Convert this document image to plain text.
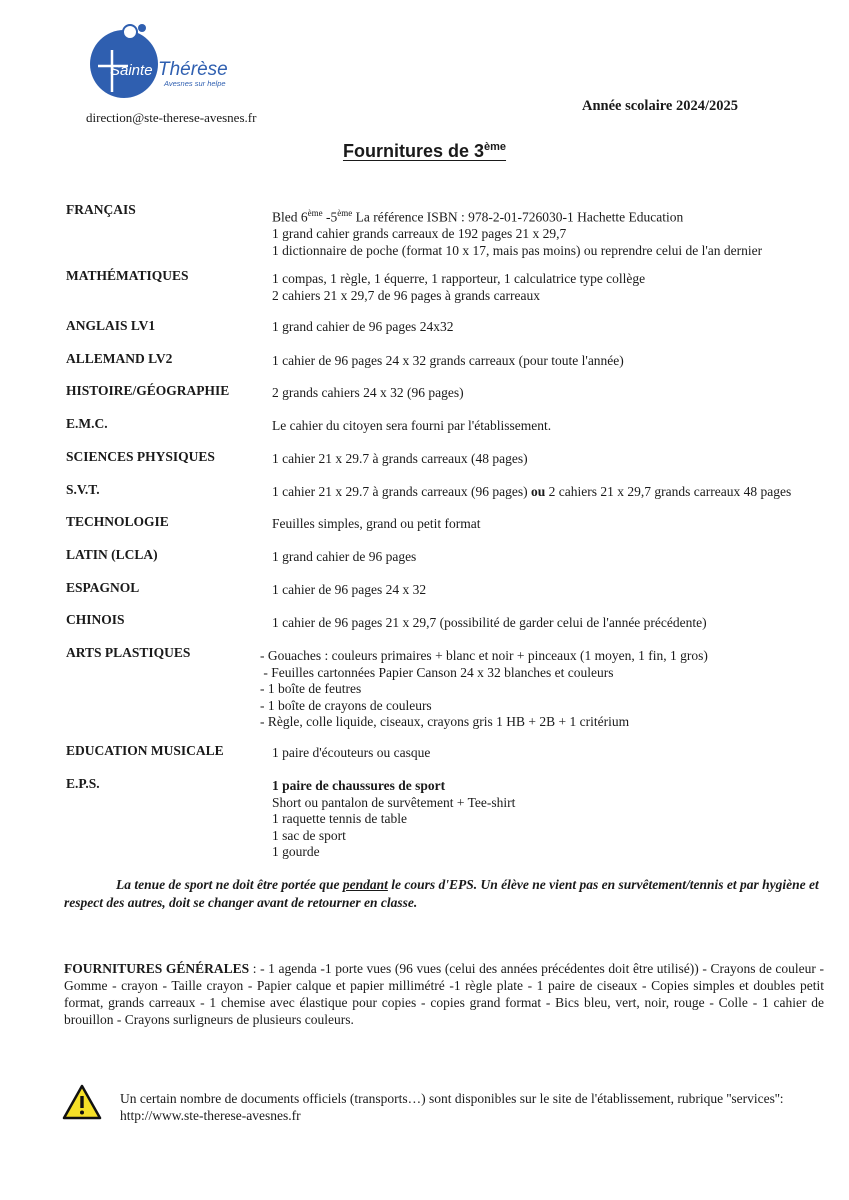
Sainte Thérèse
Avesnes sur helpe
direction@ste-therese-avesnes.fr
Année scolaire 2024/2025
Fournitures de 3ème
FRANÇAIS	Bled 6ème -5ème La référence ISBN : 978-2-01-726030-1 Hachette Education
1 grand cahier grands carreaux de 192 pages 21 x 29,7
1 dictionnaire de poche (format 10 x 17, mais pas moins) ou reprendre celui de l'an dernier
MATHÉMATIQUES	1 compas, 1 règle, 1 équerre, 1 rapporteur, 1 calculatrice type collège
2 cahiers 21 x 29,7 de 96 pages à grands carreaux
ANGLAIS LV1	1 grand cahier de 96 pages 24x32
ALLEMAND LV2	1 cahier de 96 pages 24 x 32 grands carreaux (pour toute l'année)
HISTOIRE/GÉOGRAPHIE	2 grands cahiers 24 x 32 (96 pages)
E.M.C.	Le cahier du citoyen sera fourni par l'établissement.
SCIENCES PHYSIQUES	1 cahier 21 x 29.7 à grands carreaux (48 pages)
S.V.T.	1 cahier 21 x 29.7 à grands carreaux (96 pages) ou 2 cahiers 21 x 29,7 grands carreaux 48 pages
TECHNOLOGIE	Feuilles simples, grand ou petit format
LATIN (LCLA)	1 grand cahier de 96 pages
ESPAGNOL	1 cahier de 96 pages 24 x 32
CHINOIS	1 cahier de 96 pages 21 x 29,7 (possibilité de garder celui de l'année précédente)
ARTS PLASTIQUES	- Gouaches : couleurs primaires + blanc et noir + pinceaux (1 moyen, 1 fin, 1 gros)
- Feuilles cartonnées Papier Canson 24 x 32 blanches et couleurs
- 1 boîte de feutres
- 1 boîte de crayons de couleurs
- Règle, colle liquide, ciseaux, crayons gris 1 HB + 2B + 1 critérium
EDUCATION MUSICALE	1 paire d'écouteurs ou casque
E.P.S.	1 paire de chaussures de sport
Short ou pantalon de survêtement + Tee-shirt
1 raquette tennis de table
1 sac de sport
1 gourde
La tenue de sport ne doit être portée que pendant le cours d'EPS. Un élève ne vient pas en survêtement/tennis et par hygiène et respect des autres, doit se changer avant de retourner en classe.
FOURNITURES GÉNÉRALES : - 1 agenda -1 porte vues (96 vues (celui des années précédentes doit être utilisé)) - Crayons de couleur - Gomme - crayon - Taille crayon - Papier calque et papier millimétré -1 règle plate - 1 paire de ciseaux - Copies simples et doubles petit format, grands carreaux - 1 chemise avec élastique pour copies - copies grand format - Bics bleu, vert, noir, rouge - Colle - 1 cahier de brouillon - Crayons surligneurs de plusieurs couleurs.
Un certain nombre de documents officiels (transports…) sont disponibles sur le site de l'établissement, rubrique ''services'':
http://www.ste-therese-avesnes.fr
